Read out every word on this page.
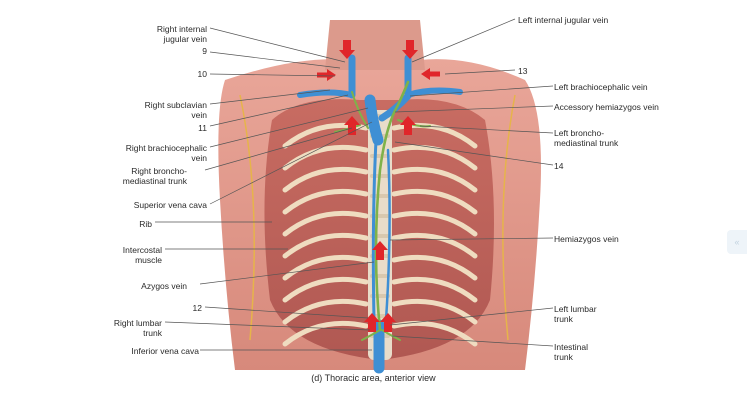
Right internal
jugular vein
9
10
Right subclavian
vein
11
Right brachiocephalic
vein
Right broncho-
mediastinal trunk
Superior vena cava
Rib
Intercostal
muscle
Azygos vein
12
Right lumbar
trunk
Inferior vena cava
Left internal jugular vein
13
Left brachiocephalic vein
Accessory hemiazygos vein
Left broncho-
mediastinal trunk
14
Hemiazygos vein
Left lumbar
trunk
Intestinal
trunk
(d) Thoracic area, anterior view
«
